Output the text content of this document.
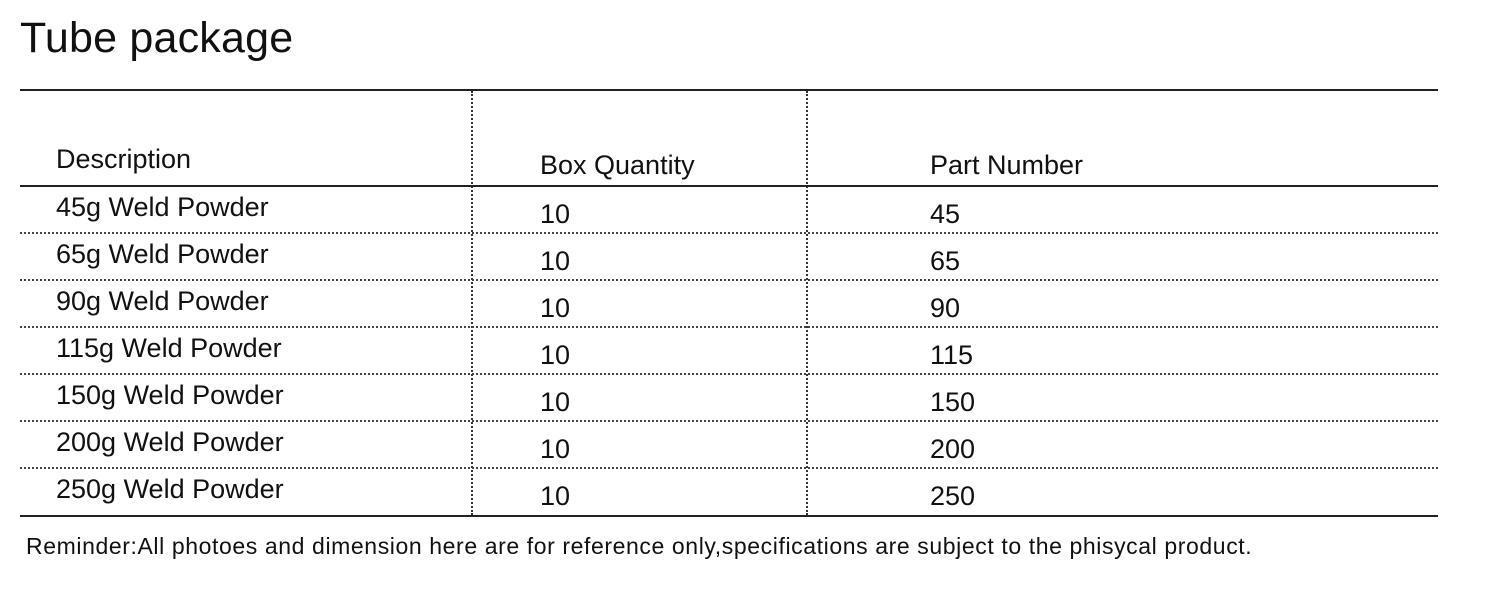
Tube package
Description	Box Quantity	Part Number
45g Weld Powder	10	45
65g Weld Powder	10	65
90g Weld Powder	10	90
115g Weld Powder	10	115
150g Weld Powder	10	150
200g Weld Powder	10	200
250g Weld Powder	10	250
Reminder:All photoes and dimension here are for reference only,specifications are subject to the phisycal product.
